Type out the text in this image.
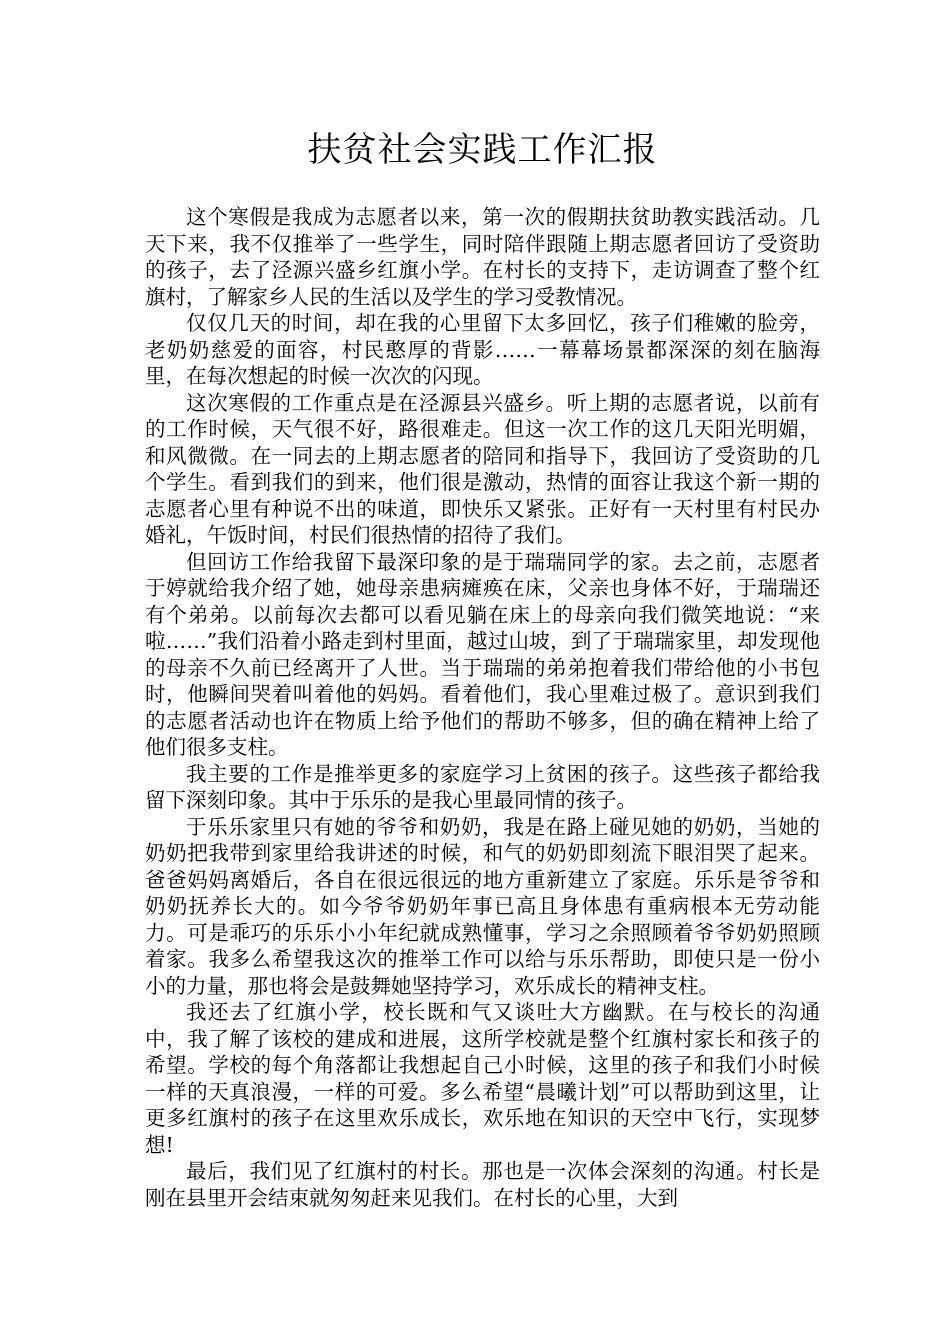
扶贫社会实践工作汇报

这个寒假是我成为志愿者以来，第一次的假期扶贫助教实践活动。几天下来，我不仅推举了一些学生，同时陪伴跟随上期志愿者回访了受资助的孩子，去了泾源兴盛乡红旗小学。在村长的支持下，走访调查了整个红旗村，了解家乡人民的生活以及学生的学习受教情况。

仅仅几天的时间，却在我的心里留下太多回忆，孩子们稚嫩的脸旁，老奶奶慈爱的面容，村民憨厚的背影……一幕幕场景都深深的刻在脑海里，在每次想起的时候一次次的闪现。

这次寒假的工作重点是在泾源县兴盛乡。听上期的志愿者说，以前有的工作时候，天气很不好，路很难走。但这一次工作的这几天阳光明媚，和风微微。在一同去的上期志愿者的陪同和指导下，我回访了受资助的几个学生。看到我们的到来，他们很是激动，热情的面容让我这个新一期的志愿者心里有种说不出的味道，即快乐又紧张。正好有一天村里有村民办婚礼，午饭时间，村民们很热情的招待了我们。

但回访工作给我留下最深印象的是于瑞瑞同学的家。去之前，志愿者于婷就给我介绍了她，她母亲患病瘫痪在床，父亲也身体不好，于瑞瑞还有个弟弟。以前每次去都可以看见躺在床上的母亲向我们微笑地说：“来啦……”我们沿着小路走到村里面，越过山坡，到了于瑞瑞家里，却发现他的母亲不久前已经离开了人世。当于瑞瑞的弟弟抱着我们带给他的小书包时，他瞬间哭着叫着他的妈妈。看着他们，我心里难过极了。意识到我们的志愿者活动也许在物质上给予他们的帮助不够多，但的确在精神上给了他们很多支柱。

我主要的工作是推举更多的家庭学习上贫困的孩子。这些孩子都给我留下深刻印象。其中于乐乐的是我心里最同情的孩子。

于乐乐家里只有她的爷爷和奶奶，我是在路上碰见她的奶奶，当她的奶奶把我带到家里给我讲述的时候，和气的奶奶即刻流下眼泪哭了起来。爸爸妈妈离婚后，各自在很远很远的地方重新建立了家庭。乐乐是爷爷和奶奶抚养长大的。如今爷爷奶奶年事已高且身体患有重病根本无劳动能力。可是乖巧的乐乐小小年纪就成熟懂事，学习之余照顾着爷爷奶奶照顾着家。我多么希望我这次的推举工作可以给与乐乐帮助，即使只是一份小小的力量，那也将会是鼓舞她坚持学习，欢乐成长的精神支柱。

我还去了红旗小学，校长既和气又谈吐大方幽默。在与校长的沟通中，我了解了该校的建成和进展，这所学校就是整个红旗村家长和孩子的希望。学校的每个角落都让我想起自己小时候，这里的孩子和我们小时候一样的天真浪漫，一样的可爱。多么希望“晨曦计划”可以帮助到这里，让更多红旗村的孩子在这里欢乐成长，欢乐地在知识的天空中飞行，实现梦想!

最后，我们见了红旗村的村长。那也是一次体会深刻的沟通。村长是刚在县里开会结束就匆匆赶来见我们。在村长的心里，大到
